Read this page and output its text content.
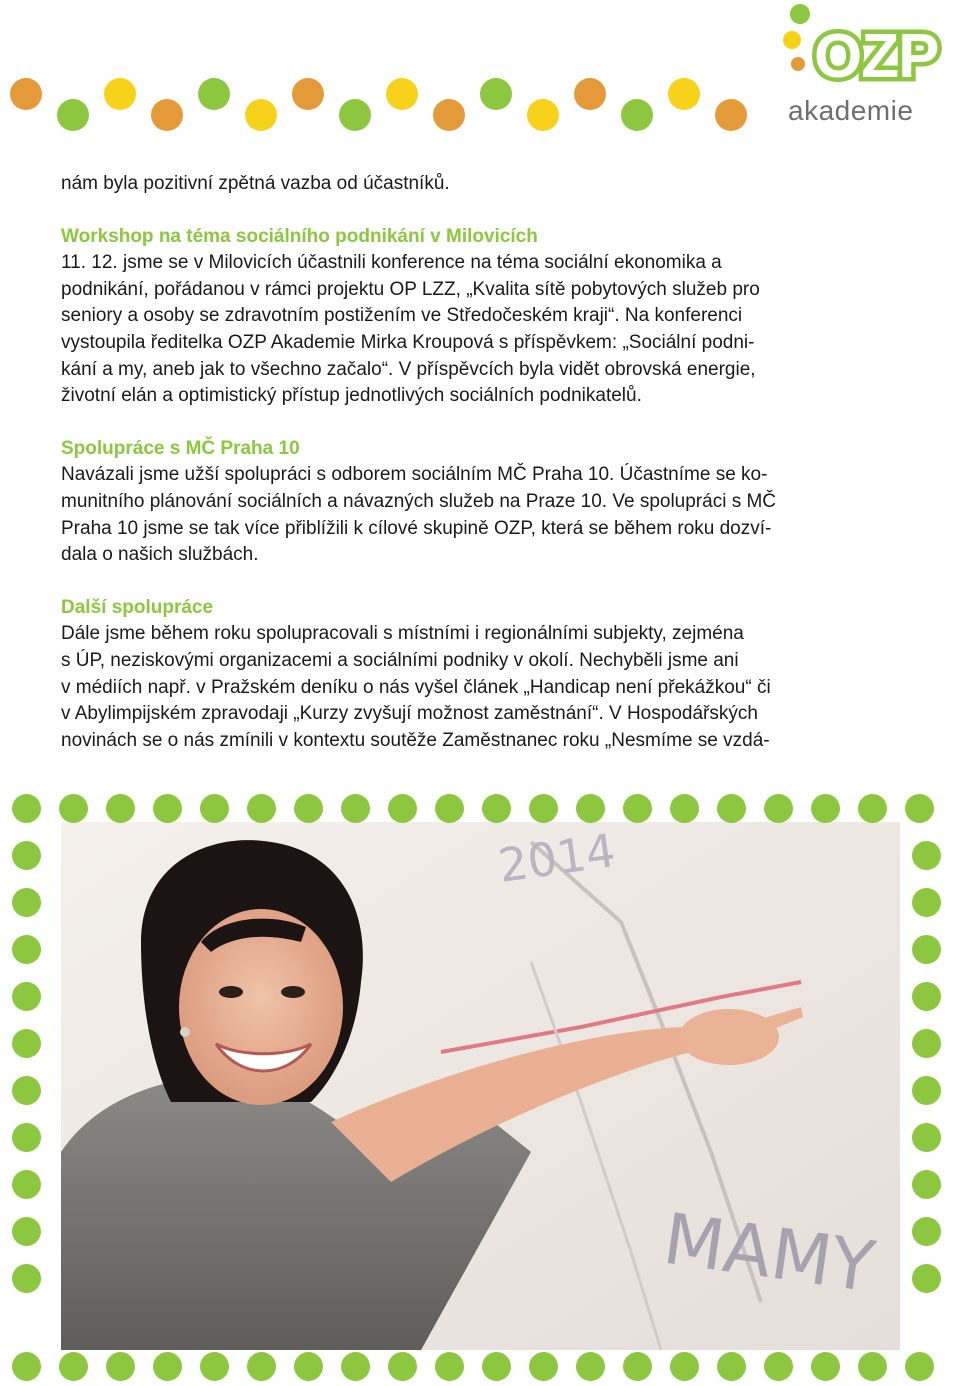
OZP
akademie

nám byla pozitivní zpětná vazba od účastníků.

Workshop na téma sociálního podnikání v Milovicích

11. 12. jsme se v Milovicích účastnili konference na téma sociální ekonomika a

podnikání, pořádanou v rámci projektu OP LZZ, „Kvalita sítě pobytových služeb pro

seniory a osoby se zdravotním postižením ve Středočeském kraji“. Na konferenci

vystoupila ředitelka OZP Akademie Mirka Kroupová s příspěvkem: „Sociální podni-

kání a my, aneb jak to všechno začalo“. V příspěvcích byla vidět obrovská energie,

životní elán a optimistický přístup jednotlivých sociálních podnikatelů.

Spolupráce s MČ Praha 10

Navázali jsme užší spolupráci s odborem sociálním MČ Praha 10. Účastníme se ko-

munitního plánování sociálních a návazných služeb na Praze 10. Ve spolupráci s MČ

Praha 10 jsme se tak více přiblížili k cílové skupině OZP, která se během roku dozví-

dala o našich službách.

Další spolupráce

Dále jsme během roku spolupracovali s místními i regionálními subjekty, zejména

s ÚP, neziskovými organizacemi a sociálními podniky v okolí. Nechyběli jsme ani

v médiích např. v Pražském deníku o nás vyšel článek „Handicap není překážkou“ či

v Abylimpijském zpravodaji „Kurzy zvyšují možnost zaměstnání“. V Hospodářských

novinách se o nás zmínili v kontextu soutěže Zaměstnanec roku „Nesmíme se vzdá-

2014
MAMY
